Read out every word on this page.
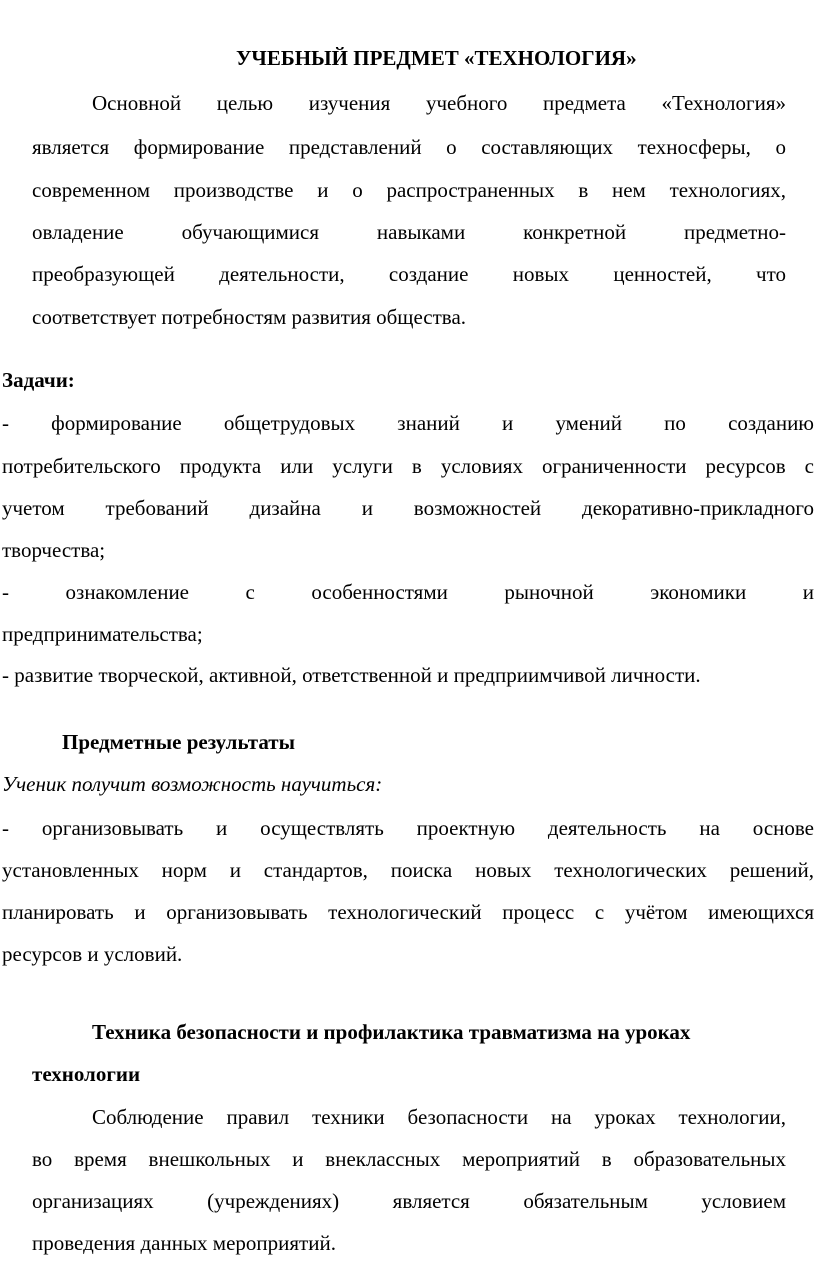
УЧЕБНЫЙ ПРЕДМЕТ «ТЕХНОЛОГИЯ»
Основной целью изучения учебного предмета «Технология»
является формирование представлений о составляющих техносферы, о
современном производстве и о распространенных в нем технологиях,
овладение обучающимися навыками конкретной предметно-
преобразующей деятельности, создание новых ценностей, что
соответствует потребностям развития общества.
Задачи:
- формирование общетрудовых знаний и умений по созданию
потребительского продукта или услуги в условиях ограниченности ресурсов с
учетом требований дизайна и возможностей декоративно-прикладного
творчества;
- ознакомление с особенностями рыночной экономики и
предпринимательства;
- развитие творческой, активной, ответственной и предприимчивой личности.
Предметные результаты
Ученик получит возможность научиться:
- организовывать и осуществлять проектную деятельность на основе
установленных норм и стандартов, поиска новых технологических решений,
планировать и организовывать технологический процесс с учётом имеющихся
ресурсов и условий.
Техника безопасности и профилактика травматизма на уроках
технологии
Соблюдение правил техники безопасности на уроках технологии,
во время внешкольных и внеклассных мероприятий в образовательных
организациях (учреждениях) является обязательным условием
проведения данных мероприятий.
